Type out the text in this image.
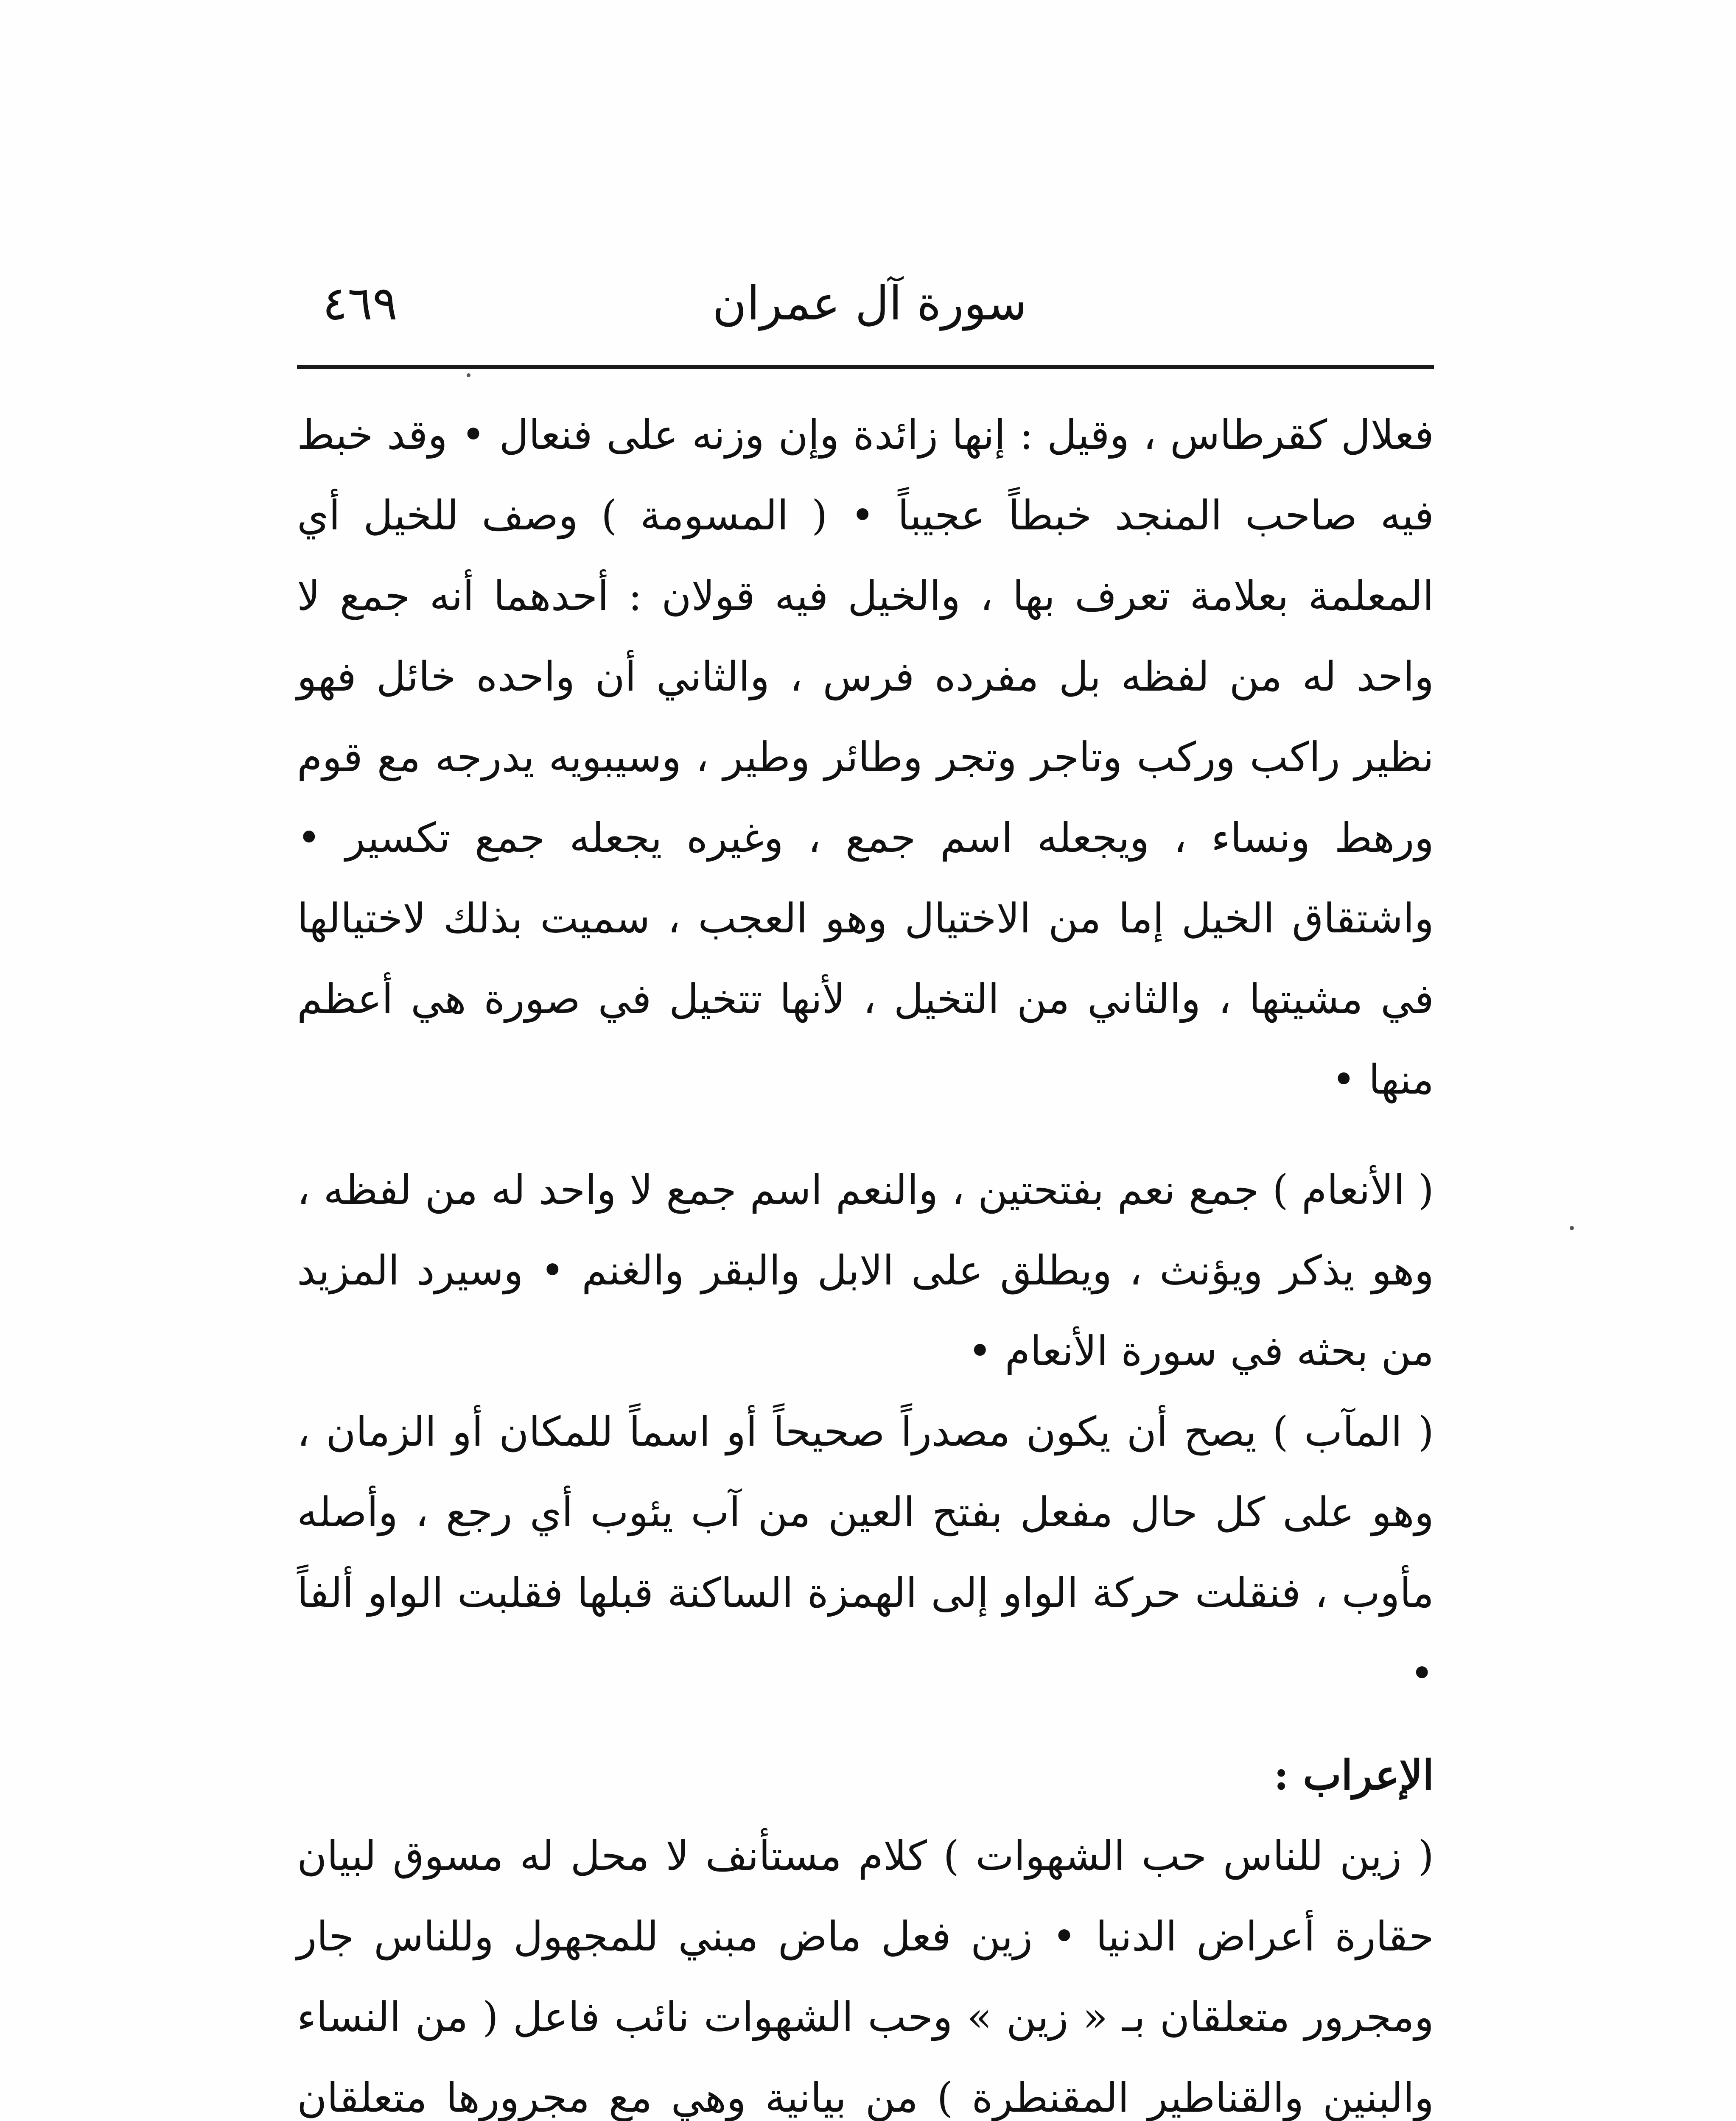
سورة آل عمران
٤٦٩

فعلال كقرطاس ، وقيل : إنها زائدة وإن وزنه على فنعال • وقد خبط فيه صاحب المنجد خبطاً عجيباً • ( المسومة ) وصف للخيل أي المعلمة بعلامة تعرف بها ، والخيل فيه قولان : أحدهما أنه جمع لا واحد له من لفظه بل مفرده فرس ، والثاني أن واحده خائل فهو نظير راكب وركب وتاجر وتجر وطائر وطير ، وسيبويه يدرجه مع قوم ورهط ونساء ، ويجعله اسم جمع ، وغيره يجعله جمع تكسير • واشتقاق الخيل إما من الاختيال وهو العجب ، سميت بذلك لاختيالها في مشيتها ، والثاني من التخيل ، لأنها تتخيل في صورة هي أعظم منها •

( الأنعام ) جمع نعم بفتحتين ، والنعم اسم جمع لا واحد له من لفظه ، وهو يذكر ويؤنث ، ويطلق على الابل والبقر والغنم • وسيرد المزيد من بحثه في سورة الأنعام •

( المآب ) يصح أن يكون مصدراً صحيحاً أو اسماً للمكان أو الزمان ، وهو على كل حال مفعل بفتح العين من آب يئوب أي رجع ، وأصله مأوب ، فنقلت حركة الواو إلى الهمزة الساكنة قبلها فقلبت الواو ألفاً •

الإعراب :

( زين للناس حب الشهوات ) كلام مستأنف لا محل له مسوق لبيان حقارة أعراض الدنيا • زين فعل ماض مبني للمجهول وللناس جار ومجرور متعلقان بـ « زين » وحب الشهوات نائب فاعل ( من النساء والبنين والقناطير المقنطرة ) من بيانية وهي مع مجرورها متعلقان
